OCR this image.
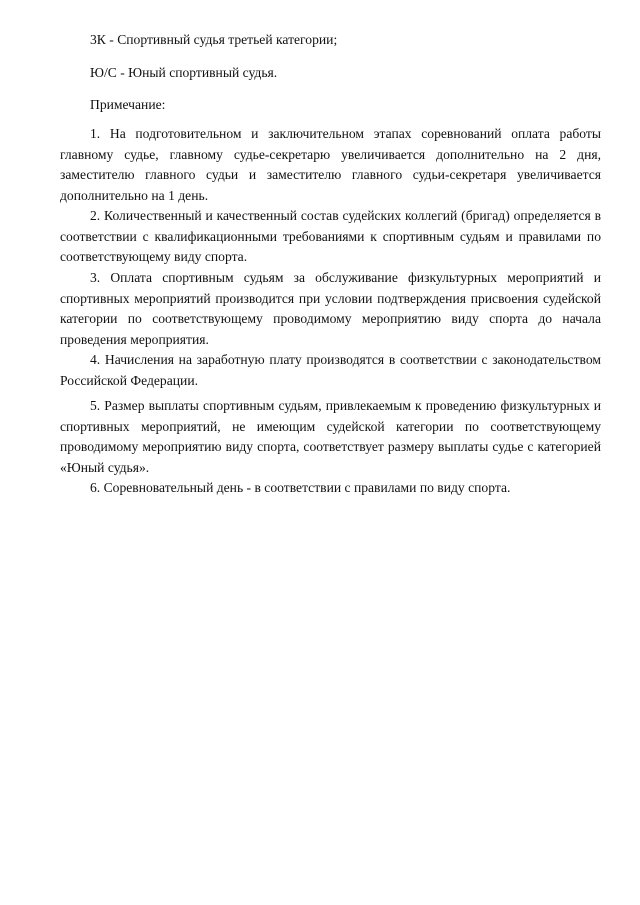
3К - Спортивный судья третьей категории;
Ю/С - Юный спортивный судья.
Примечание:

1. На подготовительном и заключительном этапах соревнований оплата работы главному судье, главному судье-секретарю увеличивается дополнительно на 2 дня, заместителю главного судьи и заместителю главного судьи-секретаря увеличивается дополнительно на 1 день.

2. Количественный и качественный состав судейских коллегий (бригад) определяется в соответствии с квалификационными требованиями к спортивным судьям и правилами по соответствующему виду спорта.

3. Оплата спортивным судьям за обслуживание физкультурных мероприятий и спортивных мероприятий производится при условии подтверждения присвоения судейской категории по соответствующему проводимому мероприятию виду спорта до начала проведения мероприятия.

4. Начисления на заработную плату производятся в соответствии с законодательством Российской Федерации.

5. Размер выплаты спортивным судьям, привлекаемым к проведению физкультурных и спортивных мероприятий, не имеющим судейской категории по соответствующему проводимому мероприятию виду спорта, соответствует размеру выплаты судье с категорией «Юный судья».

6. Соревновательный день - в соответствии с правилами по виду спорта.
